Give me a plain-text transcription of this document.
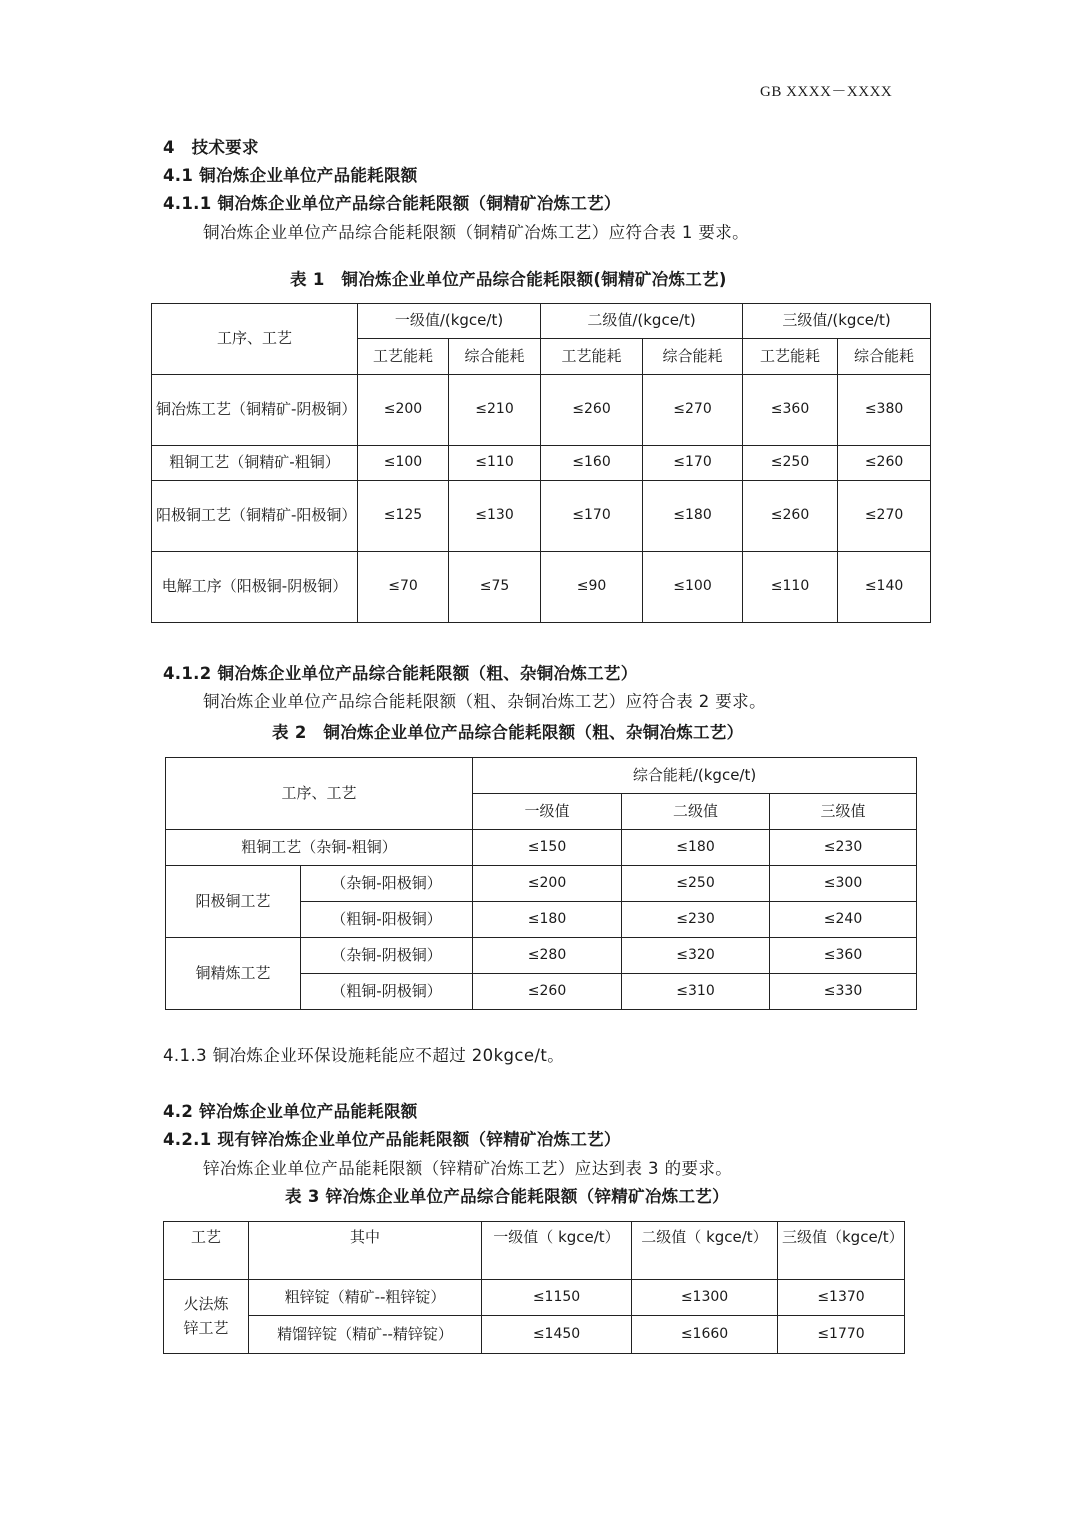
GB XXXX－XXXX
4　技术要求
4.1 铜冶炼企业单位产品能耗限额
4.1.1 铜冶炼企业单位产品综合能耗限额（铜精矿冶炼工艺）
铜冶炼企业单位产品综合能耗限额（铜精矿冶炼工艺）应符合表 1 要求。
表 1　铜冶炼企业单位产品综合能耗限额(铜精矿冶炼工艺)
工序、工艺	一级值/(kgce/t)		二级值/(kgce/t)		三级值/(kgce/t)	
	工艺能耗	综合能耗	工艺能耗	综合能耗	工艺能耗	综合能耗
铜冶炼工艺（铜精矿-阴极铜）	≤200	≤210	≤260	≤270	≤360	≤380
粗铜工艺（铜精矿-粗铜）	≤100	≤110	≤160	≤170	≤250	≤260
阳极铜工艺（铜精矿-阳极铜）	≤125	≤130	≤170	≤180	≤260	≤270
电解工序（阳极铜-阴极铜）	≤70	≤75	≤90	≤100	≤110	≤140
4.1.2 铜冶炼企业单位产品综合能耗限额（粗、杂铜冶炼工艺）
铜冶炼企业单位产品综合能耗限额（粗、杂铜冶炼工艺）应符合表 2 要求。
表 2　铜冶炼企业单位产品综合能耗限额（粗、杂铜冶炼工艺）
工序、工艺		综合能耗/(kgce/t)		
		一级值	二级值	三级值
粗铜工艺（杂铜-粗铜）		≤150	≤180	≤230
阳极铜工艺	（杂铜-阳极铜）	≤200	≤250	≤300
	（粗铜-阳极铜）	≤180	≤230	≤240
铜精炼工艺	（杂铜-阴极铜）	≤280	≤320	≤360
	（粗铜-阴极铜）	≤260	≤310	≤330
4.1.3 铜冶炼企业环保设施耗能应不超过 20kgce/t。
4.2 锌冶炼企业单位产品能耗限额
4.2.1 现有锌冶炼企业单位产品能耗限额（锌精矿冶炼工艺）
锌冶炼企业单位产品能耗限额（锌精矿冶炼工艺）应达到表 3 的要求。
表 3 锌冶炼企业单位产品综合能耗限额（锌精矿冶炼工艺）
工艺	其中	一级值（ kgce/t）	二级值（ kgce/t）	三级值（kgce/t）
火法炼锌工艺	粗锌锭（精矿--粗锌锭）	≤1150	≤1300	≤1370
	精馏锌锭（精矿--精锌锭）	≤1450	≤1660	≤1770
